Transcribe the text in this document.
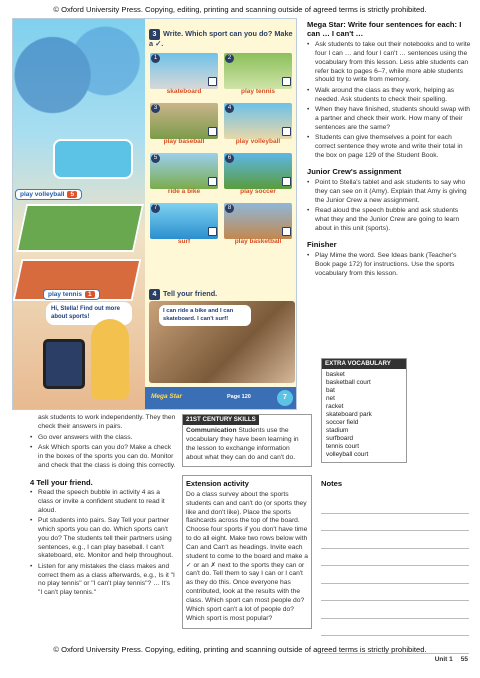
© Oxford University Press. Copying, editing, printing and scanning outside of agreed terms is strictly prohibited.
play volleyball 5
play tennis 1
Hi, Stella! Find out more about sports!
3 Write. Which sport can you do? Make a ✓.
1
skateboard
2
play tennis
3
play baseball
4
play volleyball
5
ride a bike
6
play soccer
7
surf
8
play basketball
4 Tell your friend.
I can ride a bike and I can skateboard. I can't surf!
Mega Star	Page 120	7
Mega Star: Write four sentences for each: I can … I can't …
• Ask students to take out their notebooks and to write four I can … and four I can't … sentences using the vocabulary from this lesson. Less able students can refer back to pages 6–7, while more able students should try to write from memory.
• Walk around the class as they work, helping as needed. Ask students to check their spelling.
• When they have finished, students should swap with a partner and check their work. How many of their sentences are the same?
• Students can give themselves a point for each correct sentence they wrote and write their total in the box on page 129 of the Student Book.
Junior Crew's assignment
• Point to Stella's tablet and ask students to say who they can see on it (Amy). Explain that Amy is giving the Junior Crew a new assignment.
• Read aloud the speech bubble and ask students what they and the Junior Crew are going to learn about in this unit (sports).
Finisher
• Play Mime the word. See Ideas bank (Teacher's Book page 172) for instructions. Use the sports vocabulary from this lesson.
EXTRA VOCABULARY
basket
basketball court
bat
net
racket
skateboard park
soccer field
stadium
surfboard
tennis court
volleyball court
Notes

ask students to work independently. They then check their answers in pairs.

• Go over answers with the class.
• Ask Which sports can you do? Make a check in the boxes of the sports you can do. Monitor and check that the class is doing this correctly.
4 Tell your friend.
• Read the speech bubble in activity 4 as a class or invite a confident student to read it aloud.
• Put students into pairs. Say Tell your partner which sports you can do. Which sports can't you do? The students tell their partners using sentences, e.g., I can play baseball. I can't skateboard, etc. Monitor and help throughout.
• Listen for any mistakes the class makes and correct them as a class afterwards, e.g., Is it "I no play tennis" or "I can't play tennis"? … It's "I can't play tennis."
21ST CENTURY SKILLS
Communication Students use the vocabulary they have been learning in the lesson to exchange information about what they can do and can't do.
Extension activity

Do a class survey about the sports students can and can't do (or sports they like and don't like). Place the sports flashcards across the top of the board. Choose four sports if you don't have time to do all eight. Make two rows below with Can and Can't as headings. Invite each student to come to the board and make a ✓ or an ✗ next to the sports they can or can't do. Tell them to say I can or I can't as they do this. Once everyone has contributed, look at the results with the class. Which sport can most people do? Which sport can't a lot of people do? Which sport is most popular?

© Oxford University Press. Copying, editing, printing and scanning outside of agreed terms is strictly prohibited.
Unit 1 55
